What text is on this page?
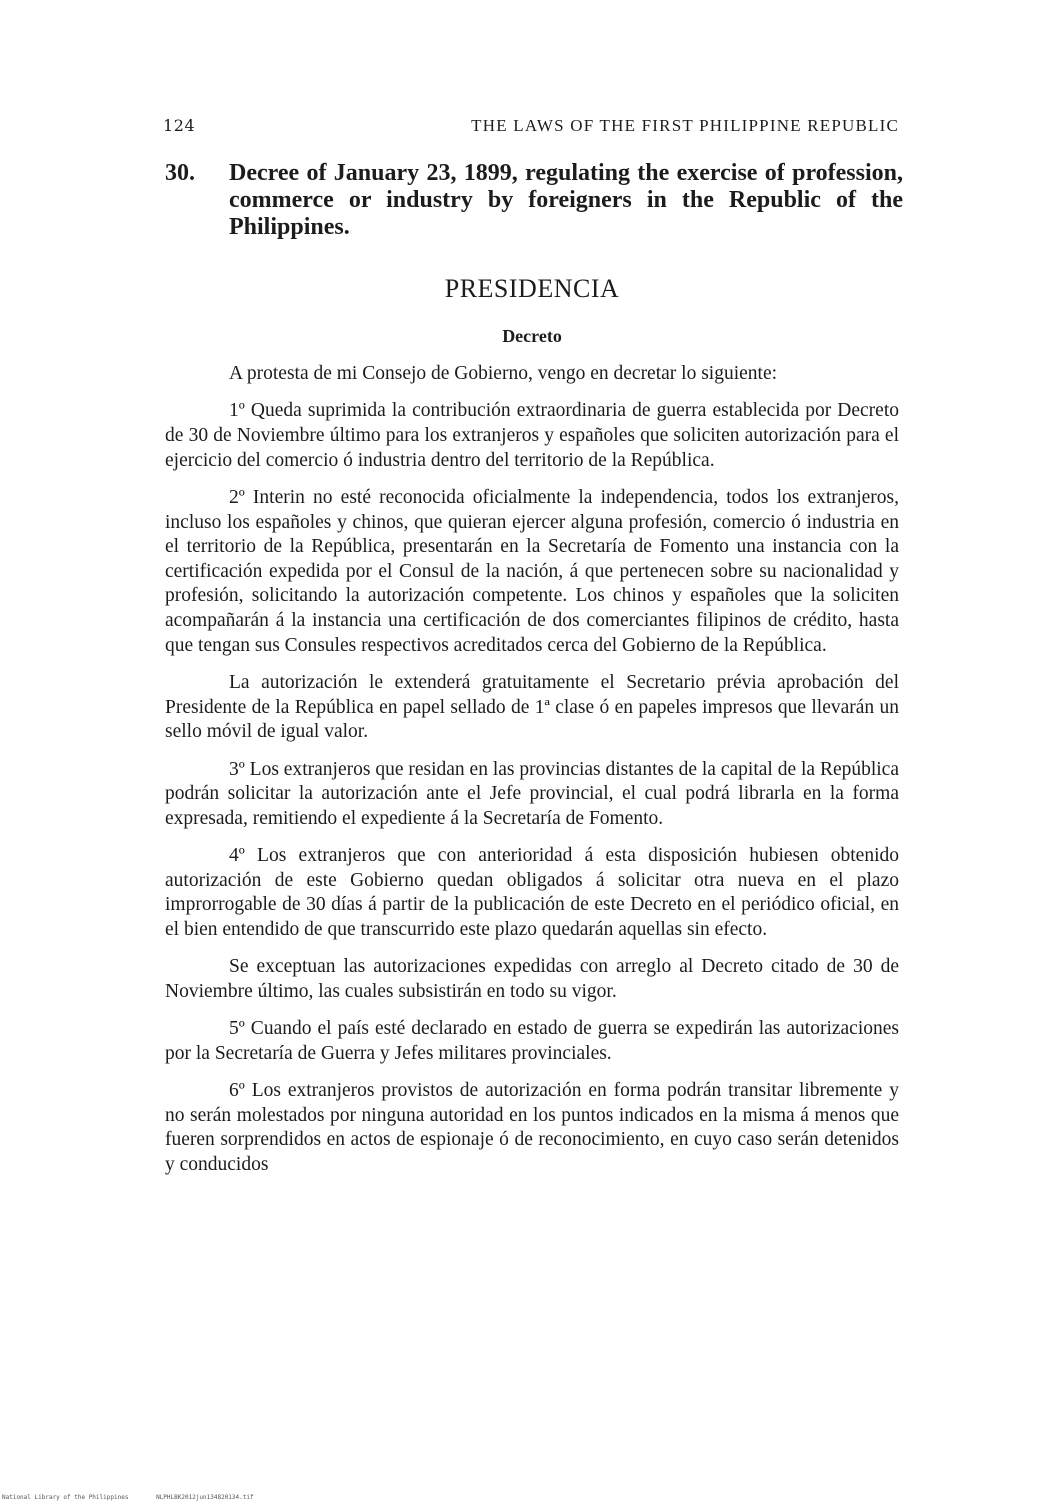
124	THE LAWS OF THE FIRST PHILIPPINE REPUBLIC
30. Decree of January 23, 1899, regulating the exercise of profession, commerce or industry by foreigners in the Republic of the Philippines.
PRESIDENCIA
Decreto

A protesta de mi Consejo de Gobierno, vengo en decretar lo siguiente:

1º Queda suprimida la contribución extraordinaria de guerra establecida por Decreto de 30 de Noviembre último para los extranjeros y españoles que soliciten autorización para el ejercicio del comercio ó industria dentro del territorio de la República.

2º Interin no esté reconocida oficialmente la independencia, todos los extranjeros, incluso los españoles y chinos, que quieran ejercer alguna profesión, comercio ó industria en el territorio de la República, presentarán en la Secretaría de Fomento una instancia con la certificación expedida por el Consul de la nación, á que pertenecen sobre su nacionalidad y profesión, solicitando la autorización competente. Los chinos y españoles que la soliciten acompañarán á la instancia una certificación de dos comerciantes filipinos de crédito, hasta que tengan sus Consules respectivos acreditados cerca del Gobierno de la República.

La autorización le extenderá gratuitamente el Secretario prévia aprobación del Presidente de la República en papel sellado de 1ª clase ó en papeles impresos que llevarán un sello móvil de igual valor.

3º Los extranjeros que residan en las provincias distantes de la capital de la República podrán solicitar la autorización ante el Jefe provincial, el cual podrá librarla en la forma expresada, remitiendo el expediente á la Secretaría de Fomento.

4º Los extranjeros que con anterioridad á esta disposición hubiesen obtenido autorización de este Gobierno quedan obligados á solicitar otra nueva en el plazo improrrogable de 30 días á partir de la publicación de este Decreto en el periódico oficial, en el bien entendido de que transcurrido este plazo quedarán aquellas sin efecto.

Se exceptuan las autorizaciones expedidas con arreglo al Decreto citado de 30 de Noviembre último, las cuales subsistirán en todo su vigor.

5º Cuando el país esté declarado en estado de guerra se expedirán las autorizaciones por la Secretaría de Guerra y Jefes militares provinciales.

6º Los extranjeros provistos de autorización en forma podrán transitar libremente y no serán molestados por ninguna autoridad en los puntos indicados en la misma á menos que fueren sorprendidos en actos de espionaje ó de reconocimiento, en cuyo caso serán detenidos y conducidos

National Library of the Philippines	NLPHLBK2012jun134820134.tif
